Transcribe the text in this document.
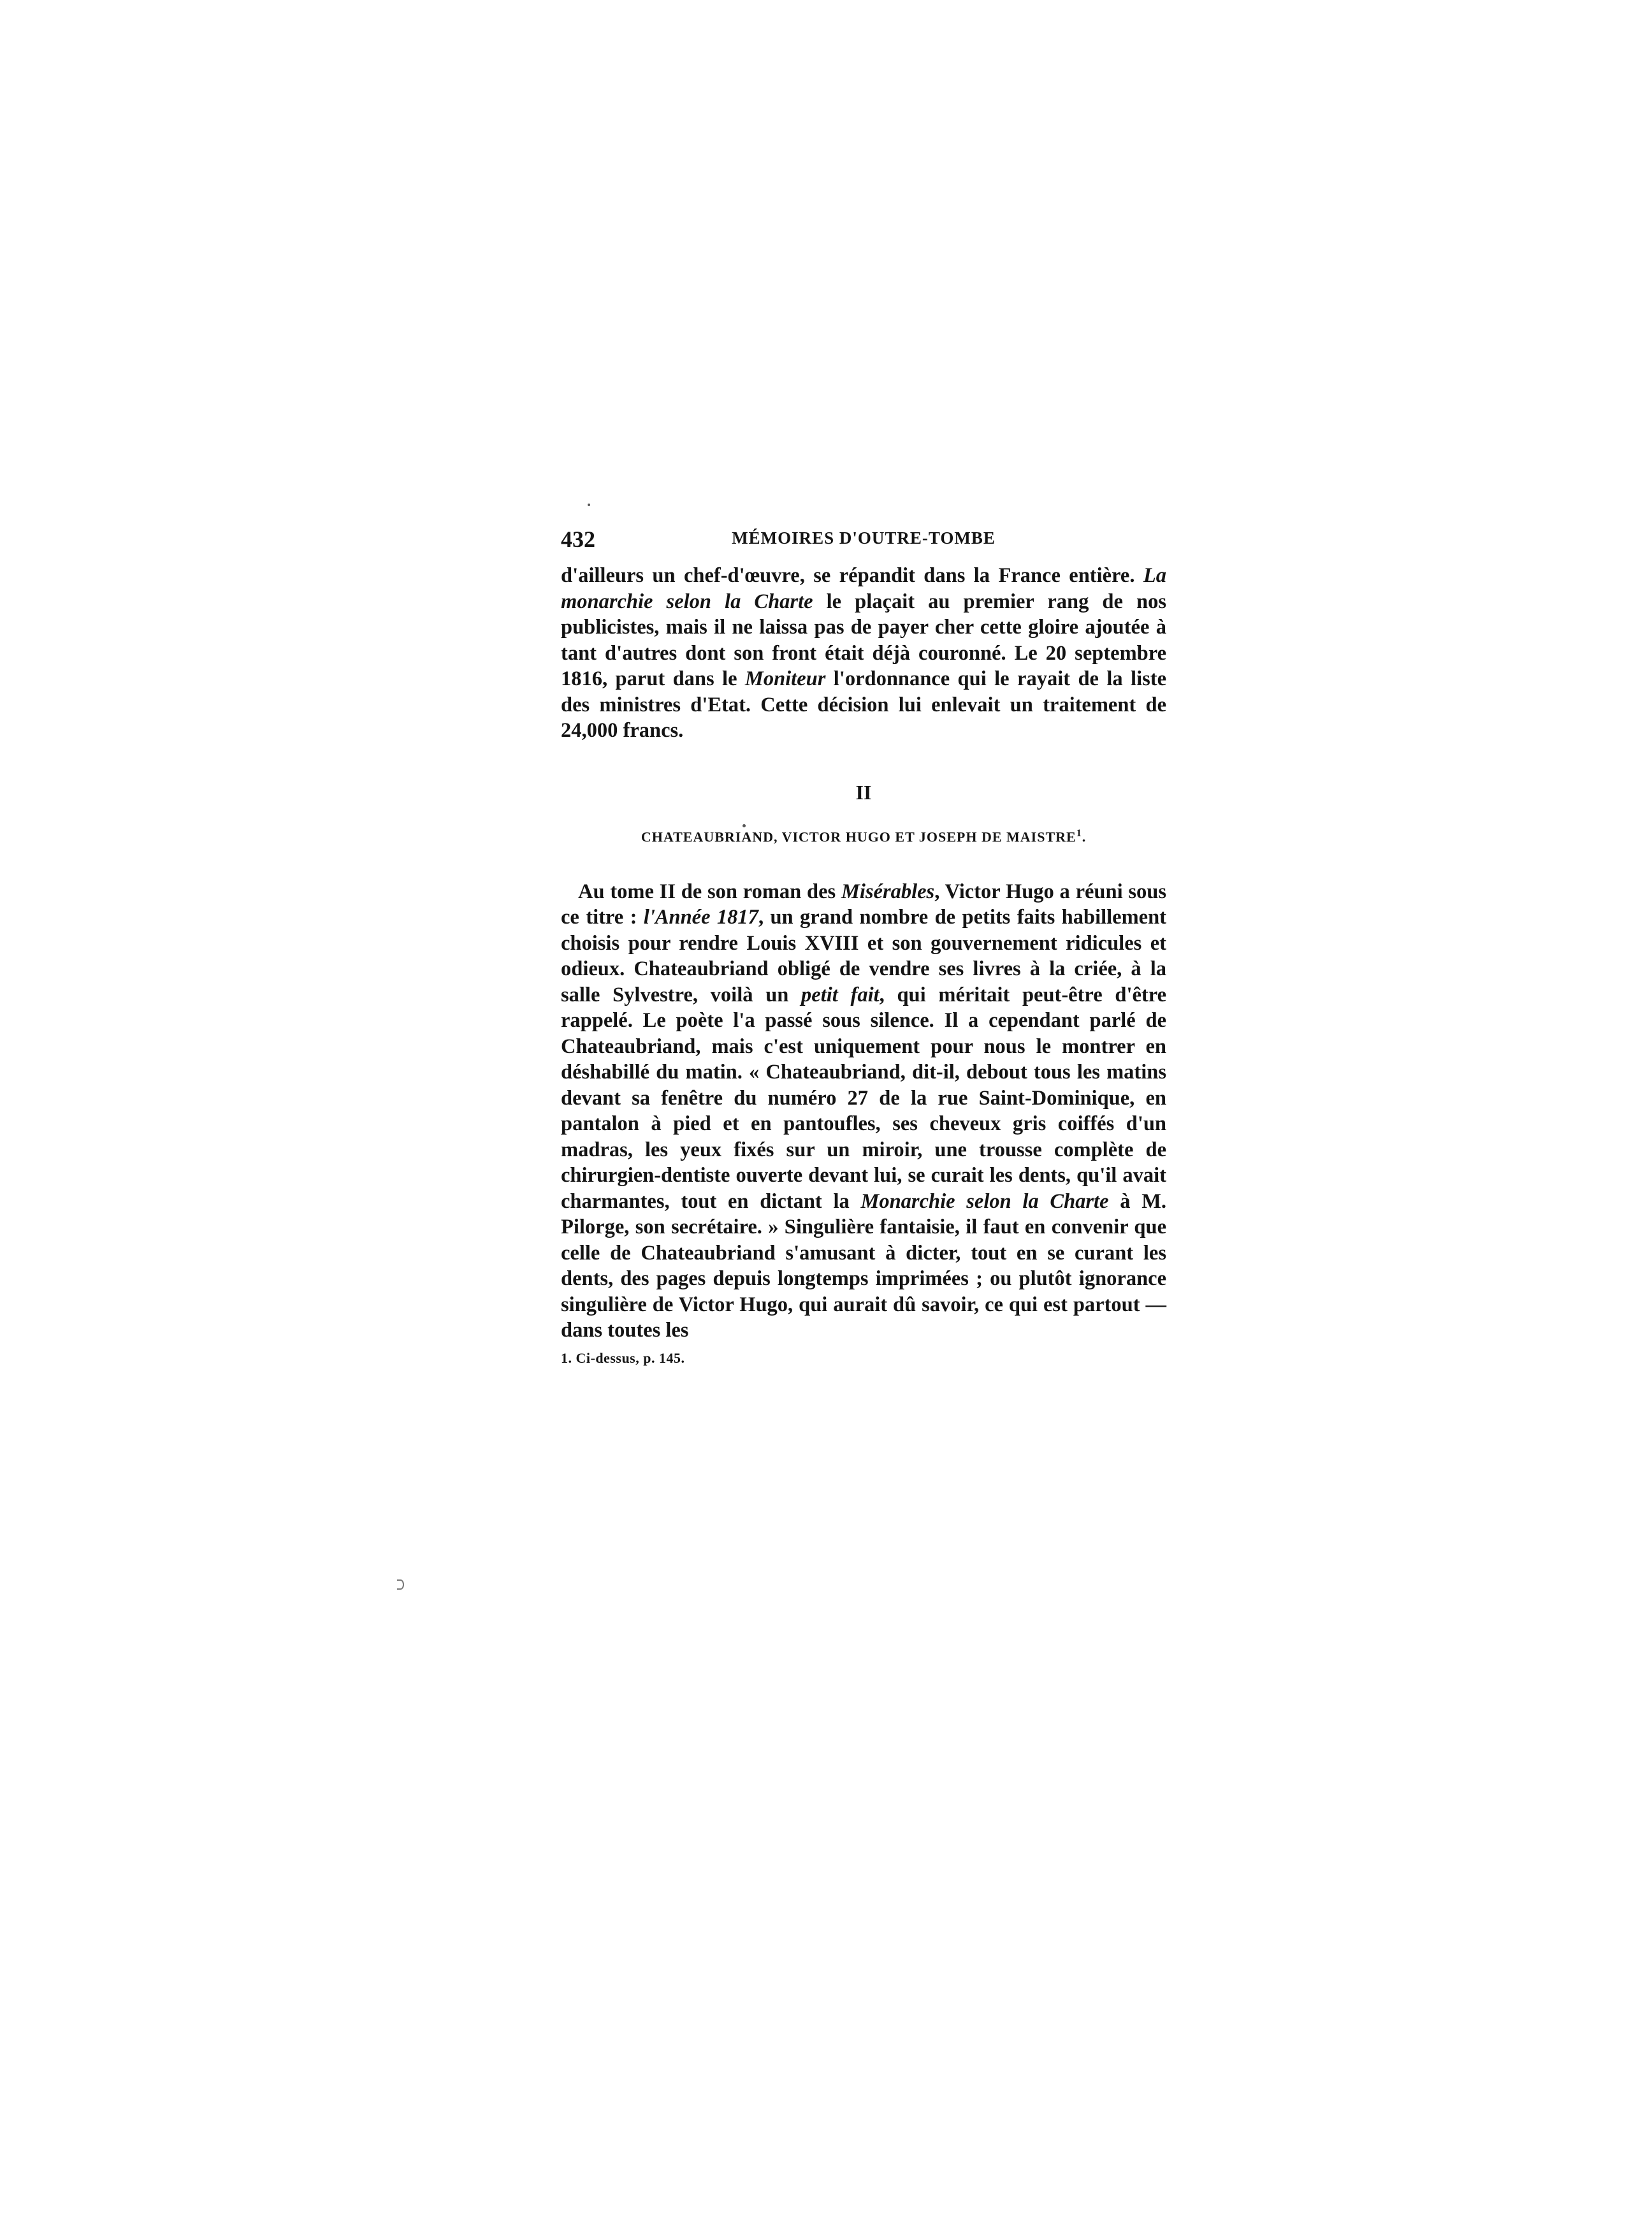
432	MÉMOIRES D'OUTRE-TOMBE

d'ailleurs un chef-d'œuvre, se répandit dans la France entière. La monarchie selon la Charte le plaçait au premier rang de nos publicistes, mais il ne laissa pas de payer cher cette gloire ajoutée à tant d'autres dont son front était déjà couronné. Le 20 septembre 1816, parut dans le Moniteur l'ordonnance qui le rayait de la liste des ministres d'Etat. Cette décision lui enlevait un traitement de 24,000 francs.

II
CHATEAUBRIAND, VICTOR HUGO ET JOSEPH DE MAISTRE$^1$.

Au tome II de son roman des Misérables, Victor Hugo a réuni sous ce titre : l'Année 1817, un grand nombre de petits faits habillement choisis pour rendre Louis XVIII et son gouvernement ridicules et odieux. Chateaubriand obligé de vendre ses livres à la criée, à la salle Sylvestre, voilà un petit fait, qui méritait peut-être d'être rappelé. Le poète l'a passé sous silence. Il a cependant parlé de Chateaubriand, mais c'est uniquement pour nous le montrer en déshabillé du matin. « Chateaubriand, dit-il, debout tous les matins devant sa fenêtre du numéro 27 de la rue Saint-Dominique, en pantalon à pied et en pantoufles, ses cheveux gris coiffés d'un madras, les yeux fixés sur un miroir, une trousse complète de chirurgien-dentiste ouverte devant lui, se curait les dents, qu'il avait charmantes, tout en dictant la Monarchie selon la Charte à M. Pilorge, son secrétaire. » Singulière fantaisie, il faut en convenir que celle de Chateaubriand s'amusant à dicter, tout en se curant les dents, des pages depuis longtemps imprimées ; ou plutôt ignorance singulière de Victor Hugo, qui aurait dû savoir, ce qui est partout — dans toutes les

1. Ci-dessus, p. 145.
